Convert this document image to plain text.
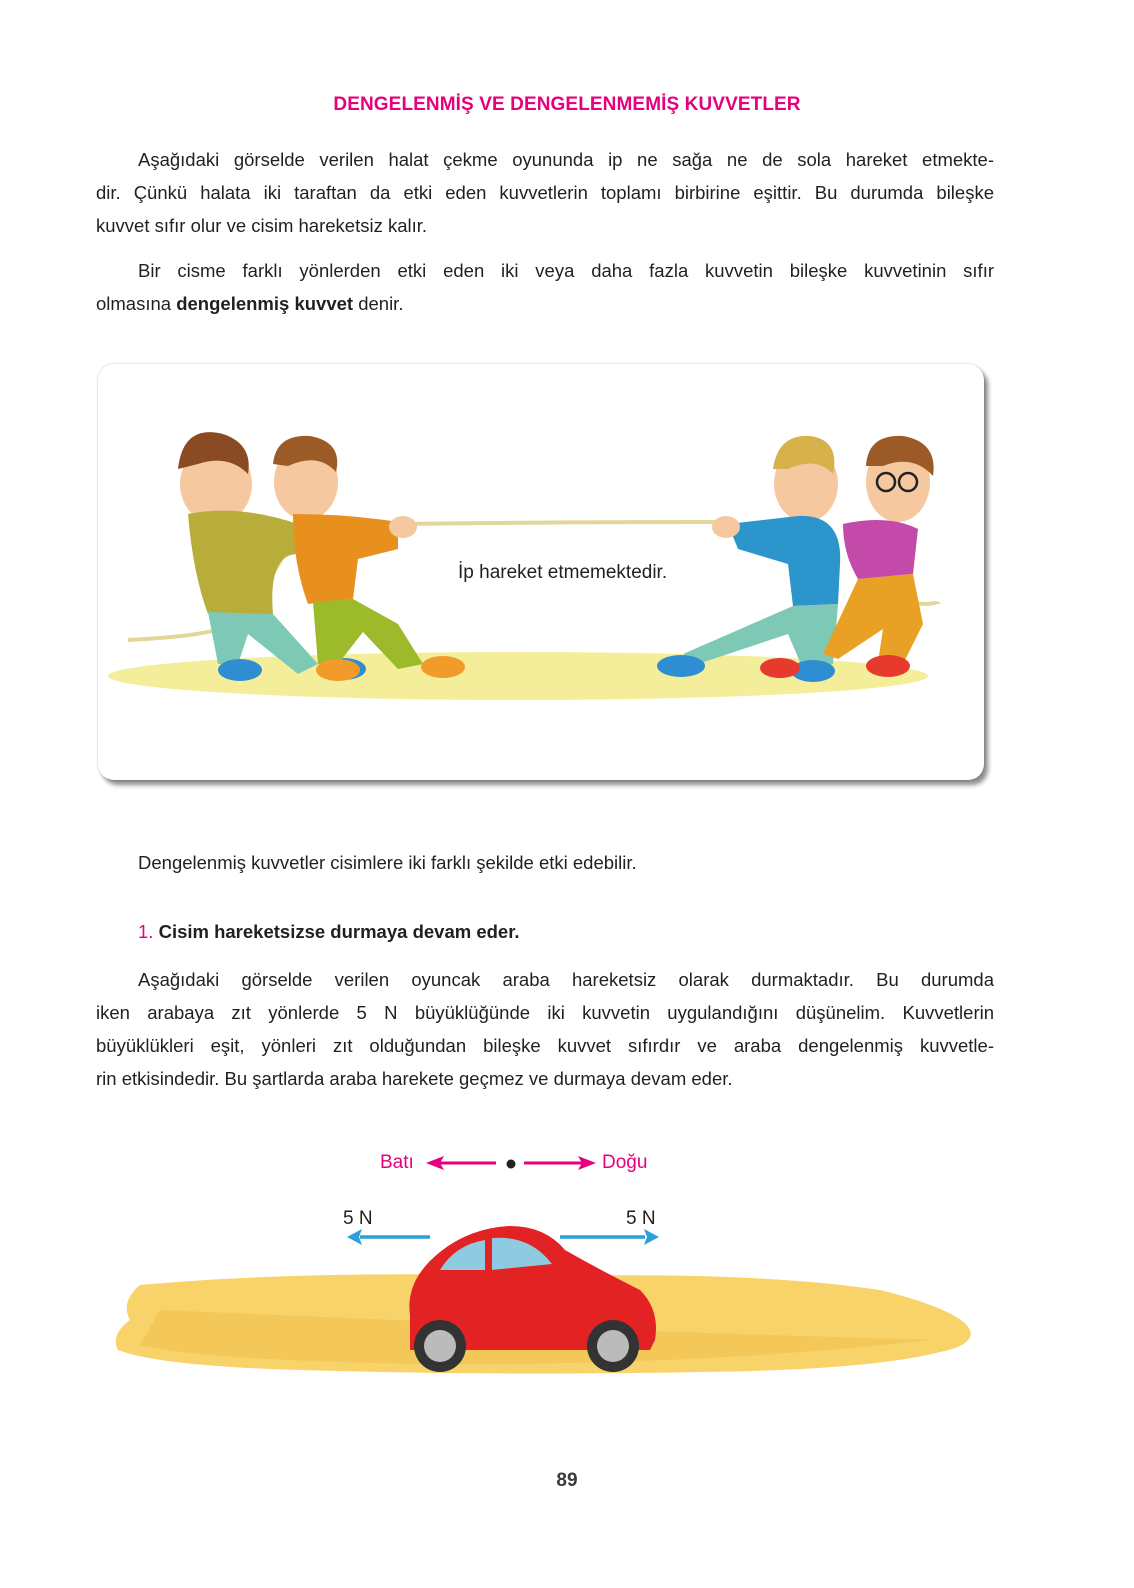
DENGELENMİŞ VE DENGELENMEMİŞ KUVVETLER
Aşağıdaki görselde verilen halat çekme oyununda ip ne sağa ne de sola hareket etmekte-
dir. Çünkü halata iki taraftan da etki eden kuvvetlerin toplamı birbirine eşittir. Bu durumda bileşke
kuvvet sıfır olur ve cisim hareketsiz kalır.
Bir cisme farklı yönlerden etki eden iki veya daha fazla kuvvetin bileşke kuvvetinin sıfır
olmasına dengelenmiş kuvvet denir.
İp hareket etmemektedir.
Dengelenmiş kuvvetler cisimlere iki farklı şekilde etki edebilir.
1. Cisim hareketsizse durmaya devam eder.
Aşağıdaki görselde verilen oyuncak araba hareketsiz olarak durmaktadır. Bu durumda
iken arabaya zıt yönlerde 5 N büyüklüğünde iki kuvvetin uygulandığını düşünelim. Kuvvetlerin
büyüklükleri eşit, yönleri zıt olduğundan bileşke kuvvet sıfırdır ve araba dengelenmiş kuvvetle-
rin etkisindedir. Bu şartlarda araba harekete geçmez ve durmaya devam eder.
Batı	Doğu
5 N	5 N
89
